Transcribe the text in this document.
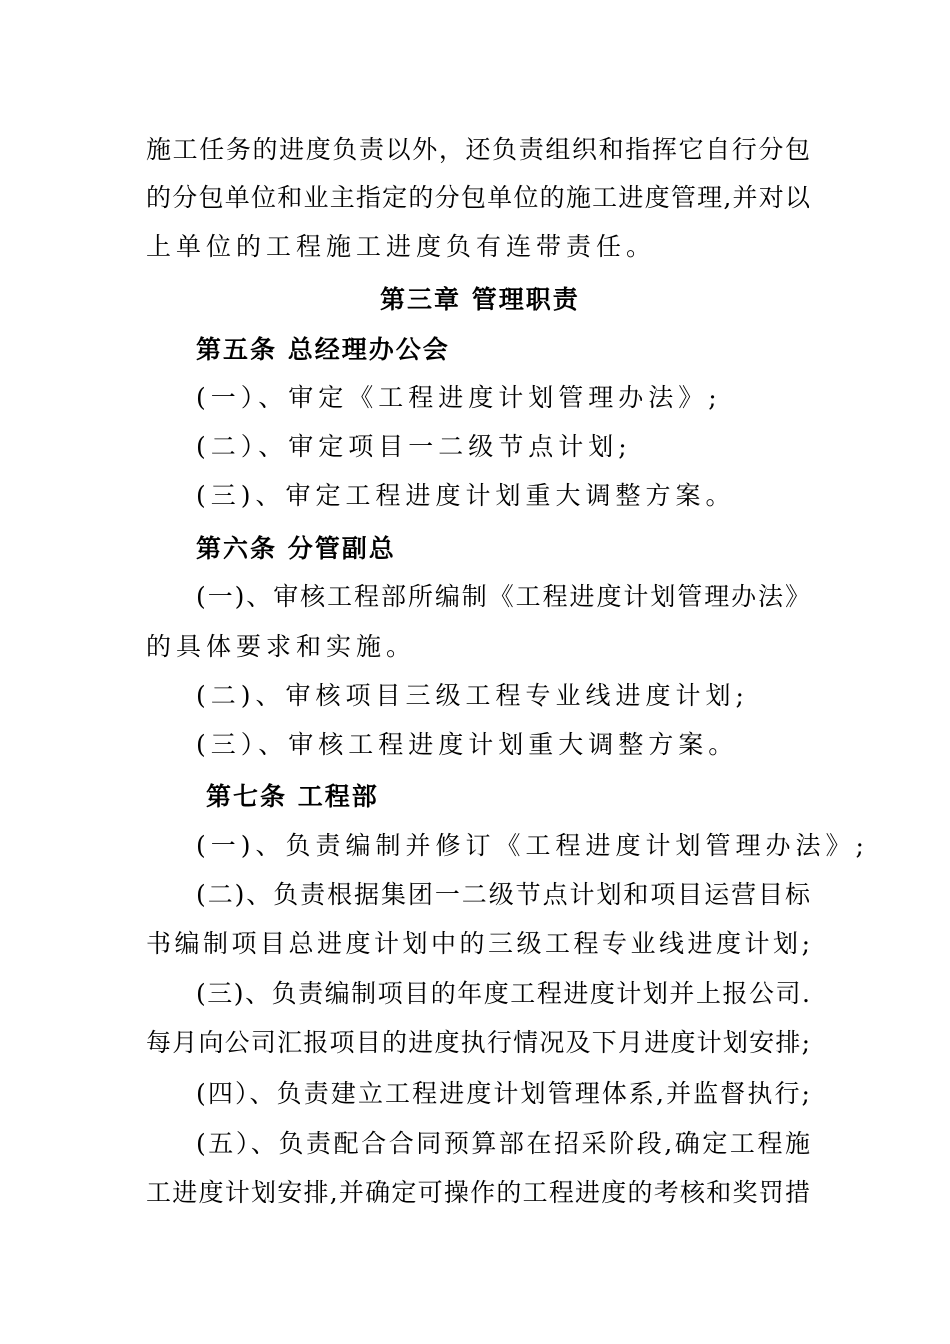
施工任务的进度负责以外，还负责组织和指挥它自行分包
的分包单位和业主指定的分包单位的施工进度管理,并对以
上单位的工程施工进度负有连带责任。
第三章 管理职责
第五条 总经理办公会
(一）、审定《工程进度计划管理办法》;
(二）、审定项目一二级节点计划;
(三)、审定工程进度计划重大调整方案。
第六条 分管副总
(一)、审核工程部所编制《工程进度计划管理办法》
的具体要求和实施。
(二)、审核项目三级工程专业线进度计划;
(三）、审核工程进度计划重大调整方案。
第七条 工程部
(一)、负责编制并修订《工程进度计划管理办法》;
(二)、负责根据集团一二级节点计划和项目运营目标
书编制项目总进度计划中的三级工程专业线进度计划;
(三)、负责编制项目的年度工程进度计划并上报公司.
每月向公司汇报项目的进度执行情况及下月进度计划安排;
(四）、负责建立工程进度计划管理体系,并监督执行;
(五）、负责配合合同预算部在招采阶段,确定工程施
工进度计划安排,并确定可操作的工程进度的考核和奖罚措
